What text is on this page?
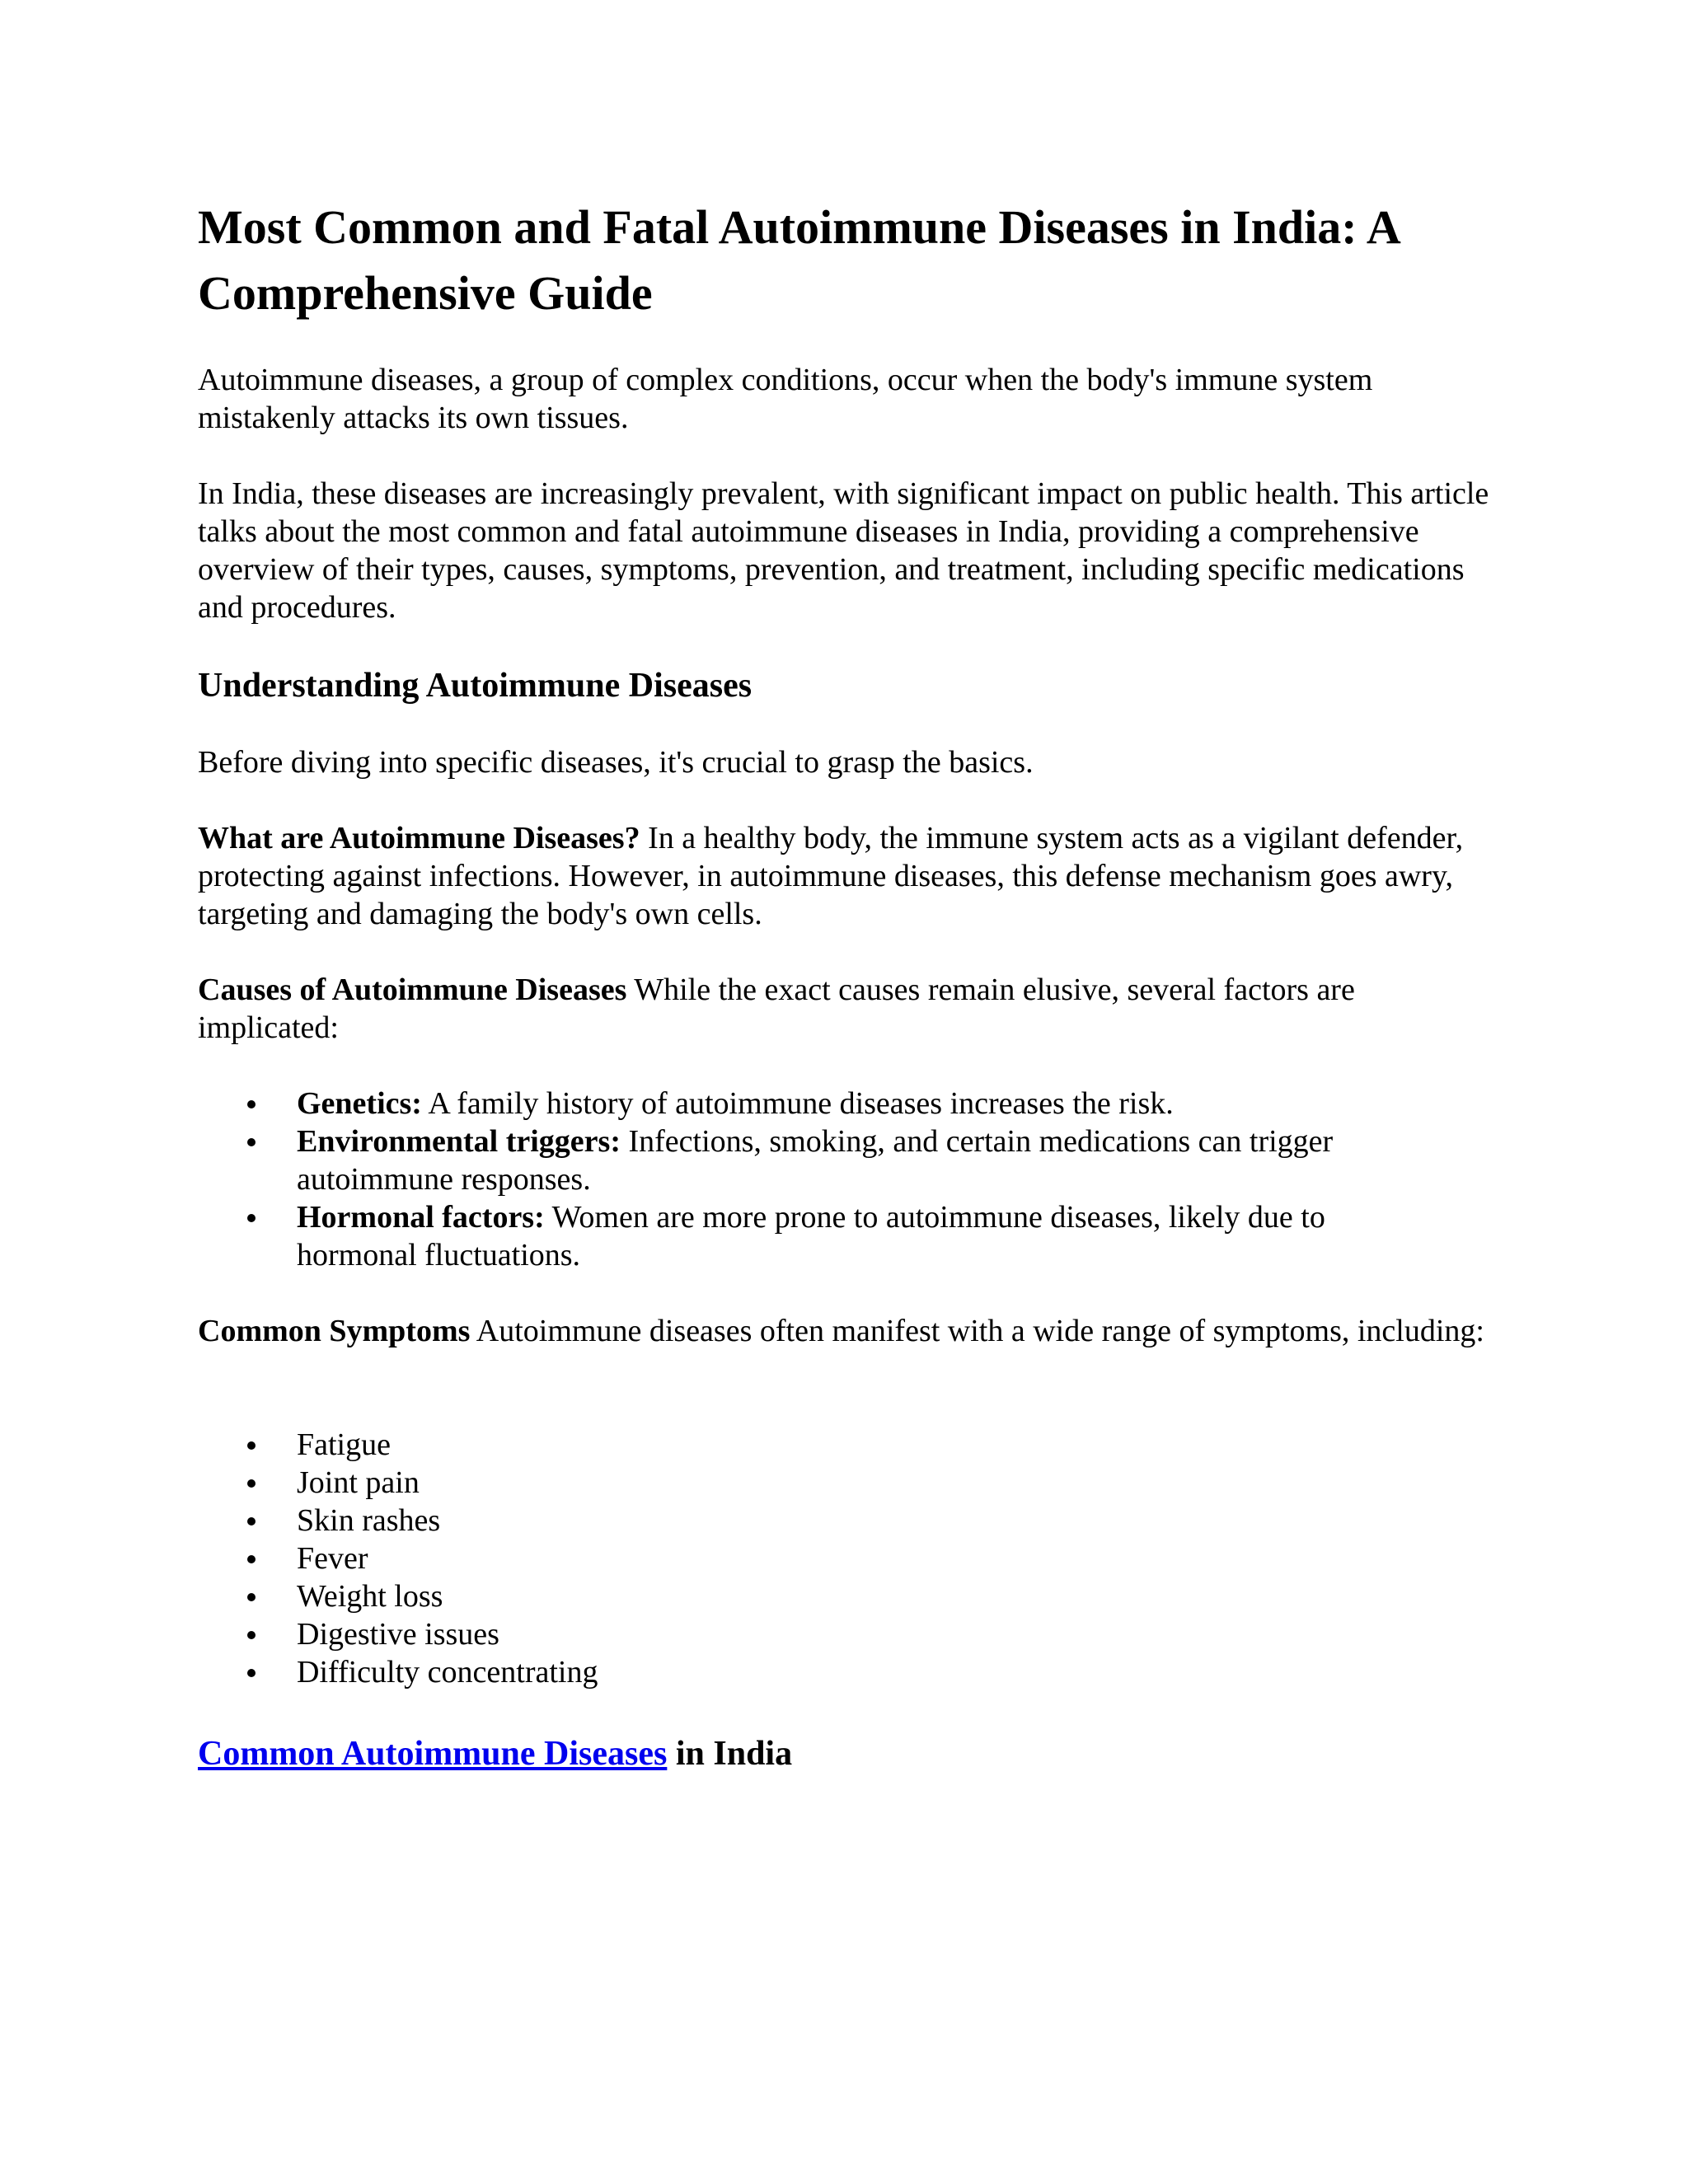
Most Common and Fatal Autoimmune Diseases in India: A Comprehensive Guide

Autoimmune diseases, a group of complex conditions, occur when the body's immune system mistakenly attacks its own tissues.

In India, these diseases are increasingly prevalent, with significant impact on public health. This article talks about the most common and fatal autoimmune diseases in India, providing a comprehensive overview of their types, causes, symptoms, prevention, and treatment, including specific medications and procedures.

Understanding Autoimmune Diseases

Before diving into specific diseases, it's crucial to grasp the basics.

What are Autoimmune Diseases? In a healthy body, the immune system acts as a vigilant defender, protecting against infections. However, in autoimmune diseases, this defense mechanism goes awry, targeting and damaging the body's own cells.

Causes of Autoimmune Diseases While the exact causes remain elusive, several factors are implicated:

Genetics: A family history of autoimmune diseases increases the risk.
Environmental triggers: Infections, smoking, and certain medications can trigger autoimmune responses.
Hormonal factors: Women are more prone to autoimmune diseases, likely due to hormonal fluctuations.

Common Symptoms Autoimmune diseases often manifest with a wide range of symptoms, including:

Fatigue
Joint pain
Skin rashes
Fever
Weight loss
Digestive issues
Difficulty concentrating
Common Autoimmune Diseases in India
